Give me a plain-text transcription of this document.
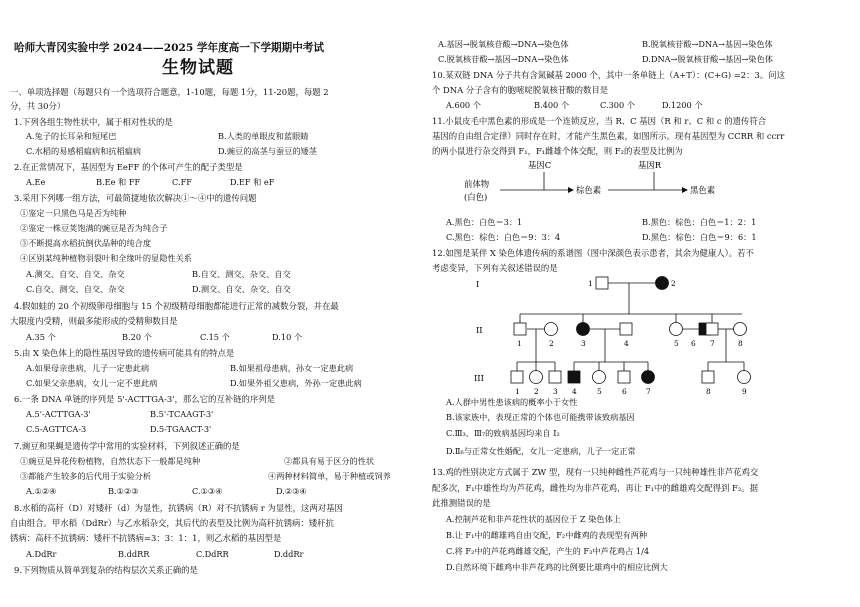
哈师大青冈实验中学 2024——2025 学年度高一下学期期中考试
生物试题
一、单项选择题（每题只有一个选项符合题意，1-10题，每题 1分，11-20题，每题 2
分，共 30分）
1.下列各组生物性状中，属于相对性状的是
A.兔子的长耳朵和短尾巴	B.人类的单眼皮和蓝眼睛
C.水稻的易感稻瘟病和抗稻瘟病	D.豌豆的高茎与蚕豆的矮茎
2.在正常情况下，基因型为 EeFF 的个体可产生的配子类型是
A.Ee	B.Ee 和 FF	C.FF	D.EF 和 eF
3.采用下列哪一组方法，可最简捷地依次解决①～④中的遗传问题
①鉴定一只黑色马是否为纯种
②鉴定一株豆荚饱满的豌豆是否为纯合子
③不断提高水稻抗倒伏品种的纯合度
④区别某纯种植物羽裂叶和全缘叶的显隐性关系
A.测交、自交、自交、杂交	B.自交、测交、杂交、自交
C.自交、测交、自交、杂交	D.测交、自交、杂交、自交
4.假如蛙的 20 个初级卵母细胞与 15 个初级精母细胞都能进行正常的减数分裂，并在最
大限度内受精，则最多能形成的受精卵数目是
A.35 个	B.20 个	C.15 个	D.10 个
5.由 X 染色体上的隐性基因导致的遗传病可能具有的特点是
A.如果母亲患病，儿子一定患此病	B.如果祖母患病，孙女一定患此病
C.如果父亲患病，女儿一定不患此病	D.如果外祖父患病，外孙一定患此病
6.一条 DNA 单链的序列是 5'-ACTTGA-3'，那么它的互补链的序列是
A.5'-ACTTGA-3'	B.5'-TCAAGT-3'
C.5-AGTTCA-3	D.5-TGAACT-3'
7.豌豆和果蝇是遗传学中常用的实验材料，下列叙述正确的是
①豌豆是异花传粉植物，自然状态下一般都是纯种	②都具有易于区分的性状
③都能产生较多的后代用于实验分析	④两种材料简单，易于种植或饲养
A.①②④	B.①②③	C.①③④	D.②③④
8.水稻的高秆（D）对矮秆（d）为显性，抗锈病（R）对不抗锈病 r 为显性，这两对基因
自由组合。甲水稻（DdRr）与乙水稻杂交，其后代的表型及比例为高秆抗锈病：矮秆抗
锈病：高秆不抗锈病：矮秆不抗锈病=3：3：1：1，则乙水稻的基因型是
A.DdRr	B.ddRR	C.DdRR	D.ddRr
9.下列物质从简单到复杂的结构层次关系正确的是
A.基因→脱氧核苷酸→DNA→染色体	B.脱氧核苷酸→DNA→基因→染色体
C.脱氧核苷酸→基因→DNA→染色体	D.DNA→脱氧核苷酸→基因→染色体
10.某双链 DNA 分子共有含氮碱基 2000 个，其中一条单链上（A+T）：(C+G) =2：3。问这
个 DNA 分子含有的胞嘧啶脱氧核苷酸的数目是
A.600 个	B.400 个	C.300 个	D.1200 个
11.小鼠皮毛中黑色素的形成是一个连锁反应，当 R、C 基因（R 和 r、C 和 c 的遗传符合
基因的自由组合定律）同时存在时，才能产生黑色素，如图所示。现有基因型为 CCRR 和 ccrr
的两小鼠进行杂交得到 F₁，F₁雌雄个体交配，则 F₂的表型及比例为
基因C	基因R
前体物
(白色)
棕色素	黑色素
A.黑色：白色＝3：1	B.黑色：棕色：白色＝1：2：1
C.黑色：棕色：白色＝9：3：4	D.黑色：棕色：白色＝9：6：1
12.如图是某伴 X 染色体遗传病的系谱图（图中深颜色表示患者，其余为健康人）。若不
考虑变异，下列有关叙述错误的是
I
II
III
1	2
1	2	3	4	5 6 7	8
1 2 3 4	5	6	7	8	9
A.人群中男性患该病的概率小于女性
B.该家族中，表现正常的个体也可能携带该致病基因
C.Ⅲ₃、Ⅲ₇的致病基因均来自 I₂
D.Ⅱ₆与正常女性婚配，女儿一定患病，儿子一定正常
13.鸡的性别决定方式属于 ZW 型，现有一只纯种雌性芦花鸡与一只纯种雄性非芦花鸡交
配多次，F₁中雄性均为芦花鸡，雌性均为非芦花鸡，再让 F₁中的雌雄鸡交配得到 F₂。据
此推测错误的是
A.控制芦花和非芦花性状的基因位于 Z 染色体上
B.让 F₁中的雌雄鸡自由交配，F₂中雌鸡的表现型有两种
C.将 F₂中的芦花鸡雌雄交配，产生的 F₃中芦花鸡占 1/4
D.自然环境下雌鸡中非芦花鸡的比例要比雄鸡中的相应比例大
